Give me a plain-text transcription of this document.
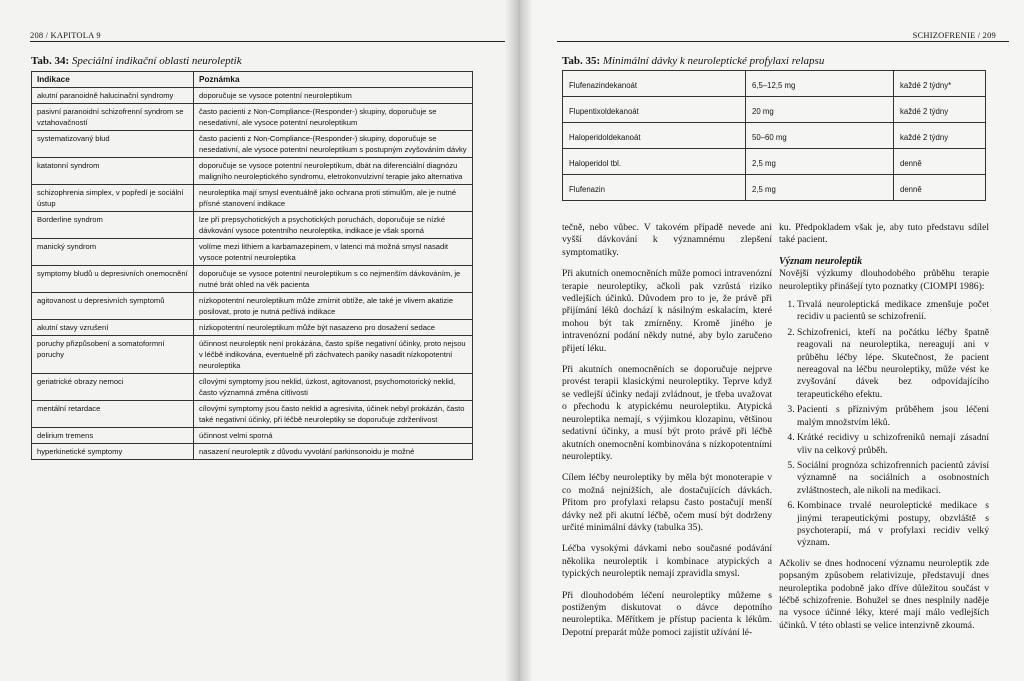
208 / KAPITOLA 9
Tab. 34: Speciální indikační oblasti neuroleptik
Indikace	Poznámka
akutní paranoidně halucinační syndromy	doporučuje se vysoce potentní neuroleptikum
pasivní paranoidní schizofrenní syndrom se vztahovačností	často pacienti z Non-Compliance-(Responder-) skupiny, doporučuje se nesedativní, ale vysoce potentní neuroleptikum
systematizovaný blud	často pacienti z Non-Compliance-(Responder-) skupiny, doporučuje se nesedativní, ale vysoce potentní neuroleptikum s postupným zvyšováním dávky
katatonní syndrom	doporučuje se vysoce potentní neuroleptikum, dbát na diferenciální diagnózu maligního neuroleptického syndromu, eletrokonvulzivní terapie jako alternativa
schizophrenia simplex, v popředí je sociální ústup	neuroleptika mají smysl eventuálně jako ochrana proti stimulům, ale je nutné přísné stanovení indikace
Borderline syndrom	lze při prepsychotických a psychotických poruchách, doporučuje se nízké dávkování vysoce potentního neuroleptika, indikace je však sporná
manický syndrom	volíme mezi lithiem a karbamazepinem, v latenci má možná smysl nasadit vysoce potentní neuroleptika
symptomy bludů u depresivních onemocnění	doporučuje se vysoce potentní neuroleptikum s co nejmenším dávkováním, je nutné brát ohled na věk pacienta
agitovanost u depresivních symptomů	nízkopotentní neuroleptikum může zmírnit obtíže, ale také je vlivem akatizie posilovat, proto je nutná pečlivá indikace
akutní stavy vzrušení	nízkopotentní neuroleptikum může být nasazeno pro dosažení sedace
poruchy přizpůsobení a somatoformní poruchy	účinnost neuroleptik není prokázána, často spíše negativní účinky, proto nejsou v léčbě indikována, eventuelně při záchvatech paniky nasadit nízkopotentní neuroleptika
geriatrické obrazy nemoci	cílovými symptomy jsou neklid, úzkost, agitovanost, psychomotorický neklid, často významná změna cítlivosti
mentální retardace	cílovými symptomy jsou často neklid a agresivita, účinek nebyl prokázán, často také negativní účinky, při léčbě neuroleptiky se doporučuje zdrženlivost
delirium tremens	účinnost velmi sporná
hyperkinetické symptomy	nasazení neuroleptik z důvodu vyvolání parkinsonoidu je možné
SCHIZOFRENIE / 209
Tab. 35: Minimální dávky k neuroleptické profylaxi relapsu
Flufenazindekanoát	6,5–12,5 mg	každé 2 týdny*
Flupentixoldekanoát	20 mg	každé 2 týdny
Haloperidoldekanoát	50–60 mg	každé 2 týdny
Haloperidol tbl.	2,5 mg	denně
Flufenazin	2,5 mg	denně

tečně, nebo vůbec. V takovém případě nevede ani vyšší dávkování k významnému zlepšení symptomatiky.

Při akutních onemocněních může pomoci intravenózní terapie neuroleptiky, ačkoli pak vzrůstá riziko vedlejších účinků. Důvodem pro to je, že právě při přijímání léků dochází k násilným eskalacím, které mohou být tak zmírněny. Kromě jiného je intravenózní podání někdy nutné, aby bylo zaručeno přijetí léku.

Při akutních onemocněních se doporučuje nejprve provést terapii klasickými neuroleptiky. Teprve když se vedlejší účinky nedají zvládnout, je třeba uvažovat o přechodu k atypickému neuroleptiku. Atypická neuroleptika nemají, s výjimkou klozapinu, většinou sedativní účinky, a musí být proto právě při léčbě akutních onemocnění kombinována s nízkopotentními neuroleptiky.

Cílem léčby neuroleptiky by měla být monoterapie v co možná nejnižších, ale dostačujících dávkách. Přitom pro profylaxi relapsu často postačují menší dávky než při akutní léčbě, očem musí být dodrženy určité minimální dávky (tabulka 35).

Léčba vysokými dávkami nebo současné podávání několika neuroleptik i kombinace atypických a typických neuroleptik nemají zpravidla smysl.

Při dlouhodobém léčení neuroleptiky můžeme s postiženým diskutovat o dávce depotního neuroleptika. Měřítkem je přístup pacienta k lékům. Depotní preparát může pomoci zajistit užívání lé-

ku. Předpokladem však je, aby tuto představu sdílel také pacient.

Význam neuroleptik

Novější výzkumy dlouhodobého průběhu terapie neuroleptiky přinášejí tyto poznatky (CIOMPI 1986):

1. Trvalá neuroleptická medikace zmenšuje počet recidiv u pacientů se schizofrenií.
2. Schizofrenici, kteří na počátku léčby špatně reagovali na neuroleptika, nereagují ani v průběhu léčby lépe. Skutečnost, že pacient nereagoval na léčbu neuroleptiky, může vést ke zvyšování dávek bez odpovídajícího terapeutického efektu.
3. Pacienti s příznivým průběhem jsou léčeni malým množstvím léků.
4. Krátké recidivy u schizofreniků nemají zásadní vliv na celkový průběh.
5. Sociální prognóza schizofrenních pacientů závisí významně na sociálních a osobnostních zvláštnostech, ale nikoli na medikaci.
6. Kombinace trvalé neuroleptické medikace s jinými terapeutickými postupy, obzvláště s psychoterapií, má v profylaxi recidiv velký význam.

Ačkoliv se dnes hodnocení významu neuroleptik zde popsaným způsobem relativizuje, představují dnes neuroleptika podobně jako dříve důležitou součást v léčbě schizofrenie. Bohužel se dnes nesplnily naděje na vysoce účinné léky, které mají málo vedlejších účinků. V této oblasti se velice intenzivně zkoumá.
